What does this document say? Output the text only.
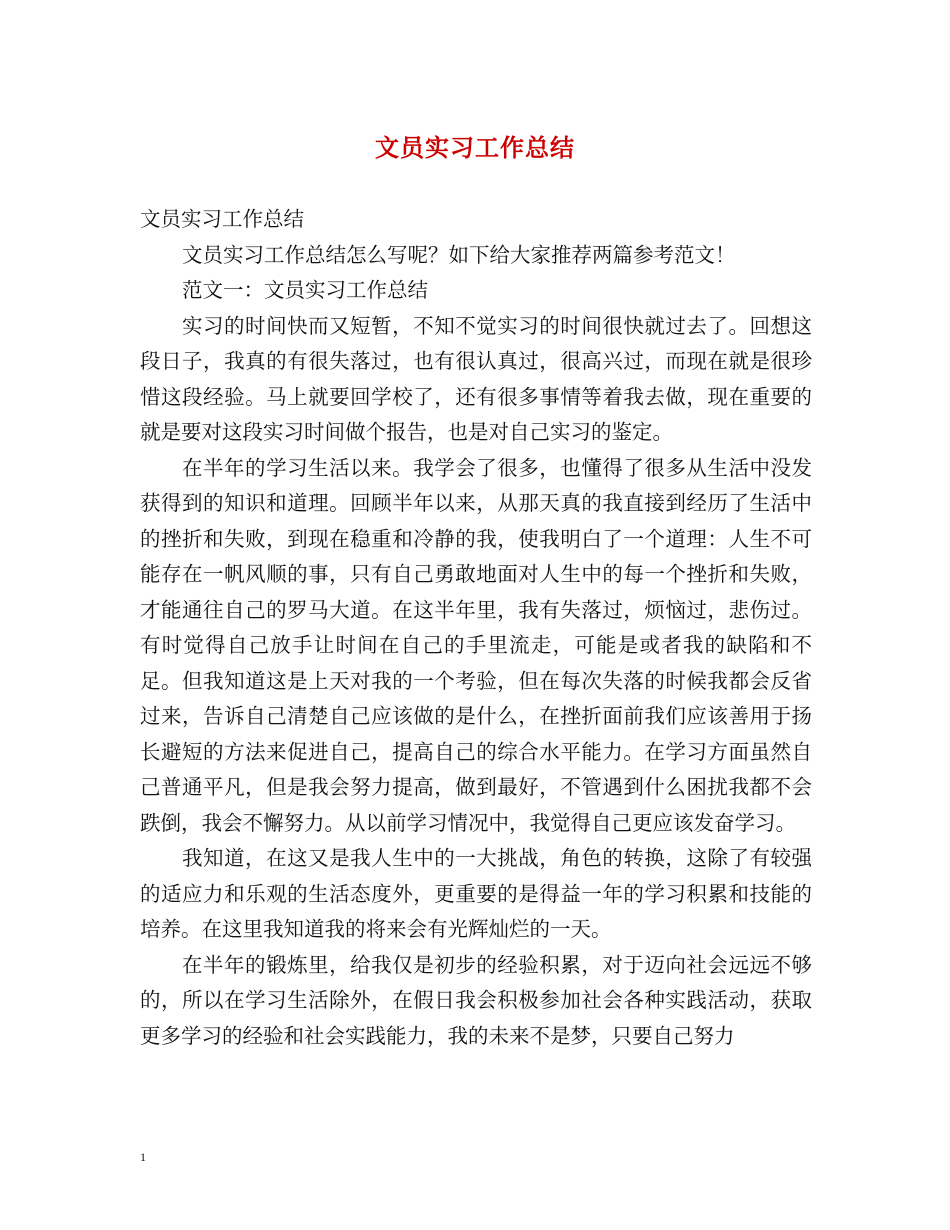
文员实习工作总结

文员实习工作总结

文员实习工作总结怎么写呢？如下给大家推荐两篇参考范文！

范文一：文员实习工作总结

实习的时间快而又短暂，不知不觉实习的时间很快就过去了。回想这段日子，我真的有很失落过，也有很认真过，很高兴过，而现在就是很珍惜这段经验。马上就要回学校了，还有很多事情等着我去做，现在重要的就是要对这段实习时间做个报告，也是对自己实习的鉴定。

在半年的学习生活以来。我学会了很多，也懂得了很多从生活中没发获得到的知识和道理。回顾半年以来，从那天真的我直接到经历了生活中的挫折和失败，到现在稳重和冷静的我，使我明白了一个道理：人生不可能存在一帆风顺的事，只有自己勇敢地面对人生中的每一个挫折和失败，才能通往自己的罗马大道。在这半年里，我有失落过，烦恼过，悲伤过。有时觉得自己放手让时间在自己的手里流走，可能是或者我的缺陷和不足。但我知道这是上天对我的一个考验，但在每次失落的时候我都会反省过来，告诉自己清楚自己应该做的是什么，在挫折面前我们应该善用于扬长避短的方法来促进自己，提高自己的综合水平能力。在学习方面虽然自己普通平凡，但是我会努力提高，做到最好，不管遇到什么困扰我都不会跌倒，我会不懈努力。从以前学习情况中，我觉得自己更应该发奋学习。

我知道，在这又是我人生中的一大挑战，角色的转换，这除了有较强的适应力和乐观的生活态度外，更重要的是得益一年的学习积累和技能的培养。在这里我知道我的将来会有光辉灿烂的一天。

在半年的锻炼里，给我仅是初步的经验积累，对于迈向社会远远不够的，所以在学习生活除外，在假日我会积极参加社会各种实践活动，获取更多学习的经验和社会实践能力，我的未来不是梦，只要自己努力

1
